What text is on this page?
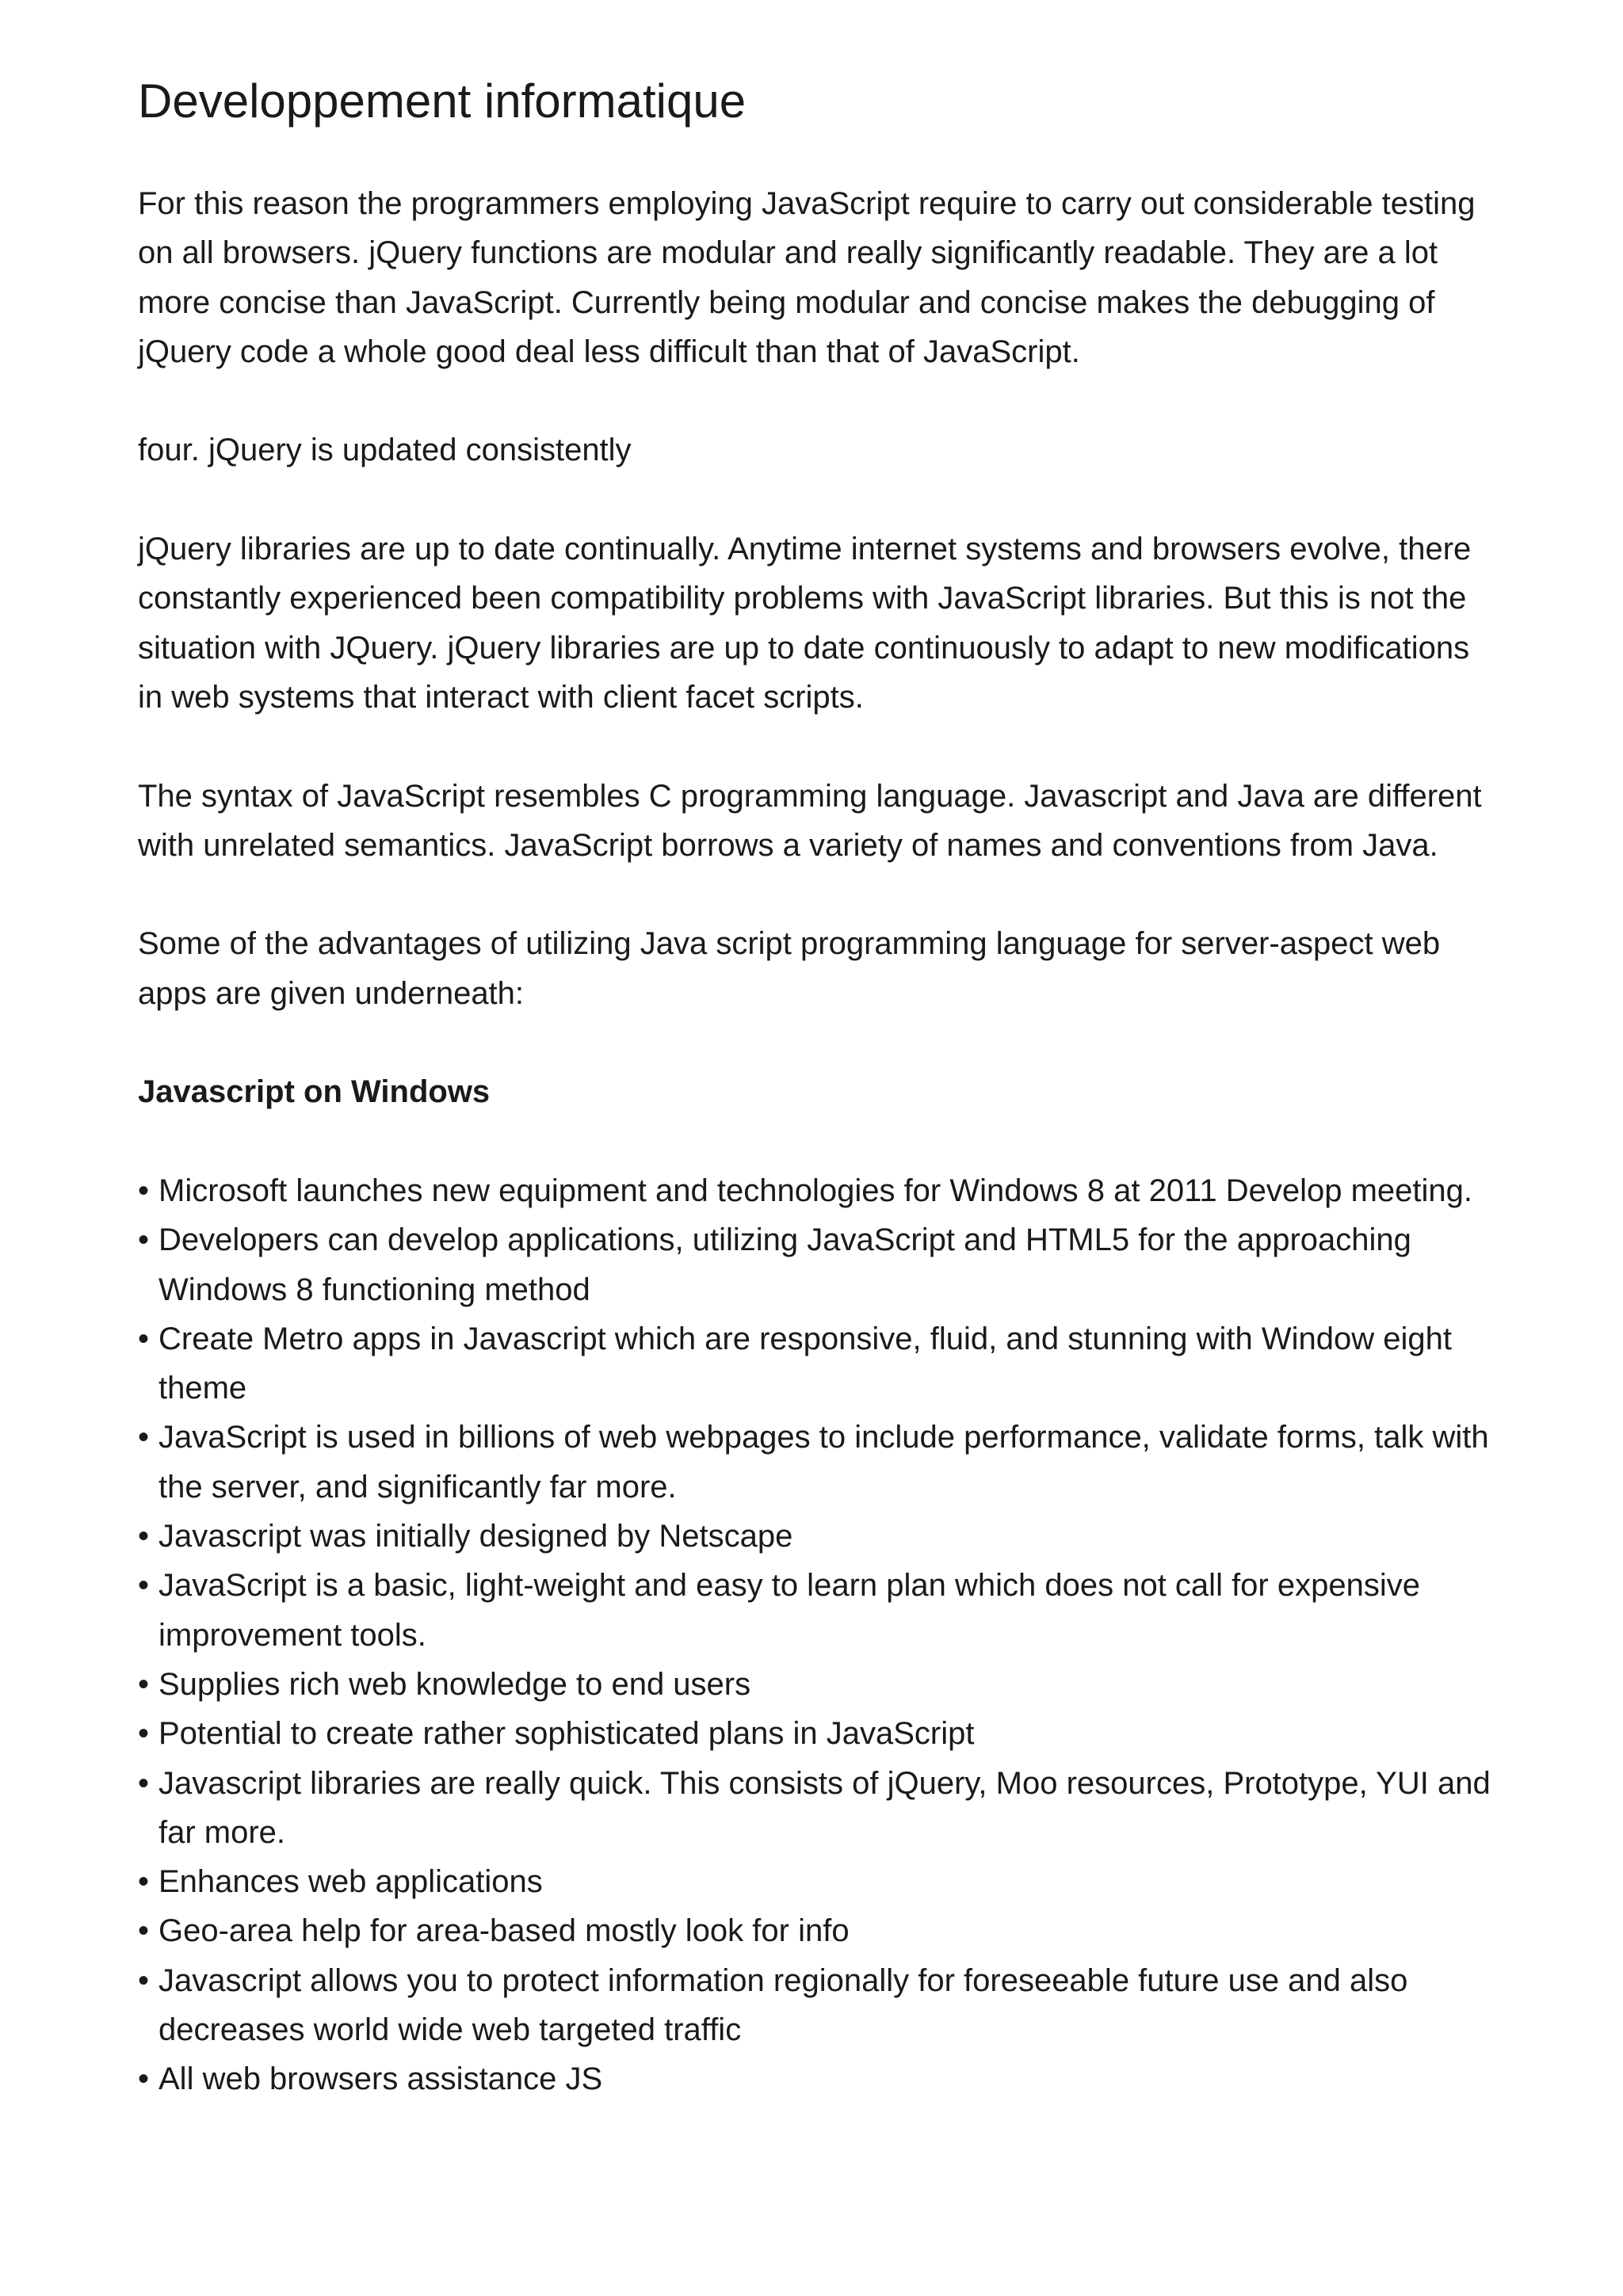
Developpement informatique

For this reason the programmers employing JavaScript require to carry out considerable testing on all browsers. jQuery functions are modular and really significantly readable. They are a lot more concise than JavaScript. Currently being modular and concise makes the debugging of jQuery code a whole good deal less difficult than that of JavaScript.

four. jQuery is updated consistently

jQuery libraries are up to date continually. Anytime internet systems and browsers evolve, there constantly experienced been compatibility problems with JavaScript libraries. But this is not the situation with JQuery. jQuery libraries are up to date continuously to adapt to new modifications in web systems that interact with client facet scripts.

The syntax of JavaScript resembles C programming language. Javascript and Java are different with unrelated semantics. JavaScript borrows a variety of names and conventions from Java.

Some of the advantages of utilizing Java script programming language for server-aspect web apps are given underneath:

Javascript on Windows
• Microsoft launches new equipment and technologies for Windows 8 at 2011 Develop meeting.
• Developers can develop applications, utilizing JavaScript and HTML5 for the approaching Windows 8 functioning method
• Create Metro apps in Javascript which are responsive, fluid, and stunning with Window eight theme
• JavaScript is used in billions of web webpages to include performance, validate forms, talk with the server, and significantly far more.
• Javascript was initially designed by Netscape
• JavaScript is a basic, light-weight and easy to learn plan which does not call for expensive improvement tools.
• Supplies rich web knowledge to end users
• Potential to create rather sophisticated plans in JavaScript
• Javascript libraries are really quick. This consists of jQuery, Moo resources, Prototype, YUI and far more.
• Enhances web applications
• Geo-area help for area-based mostly look for info
• Javascript allows you to protect information regionally for foreseeable future use and also decreases world wide web targeted traffic
• All web browsers assistance JS
